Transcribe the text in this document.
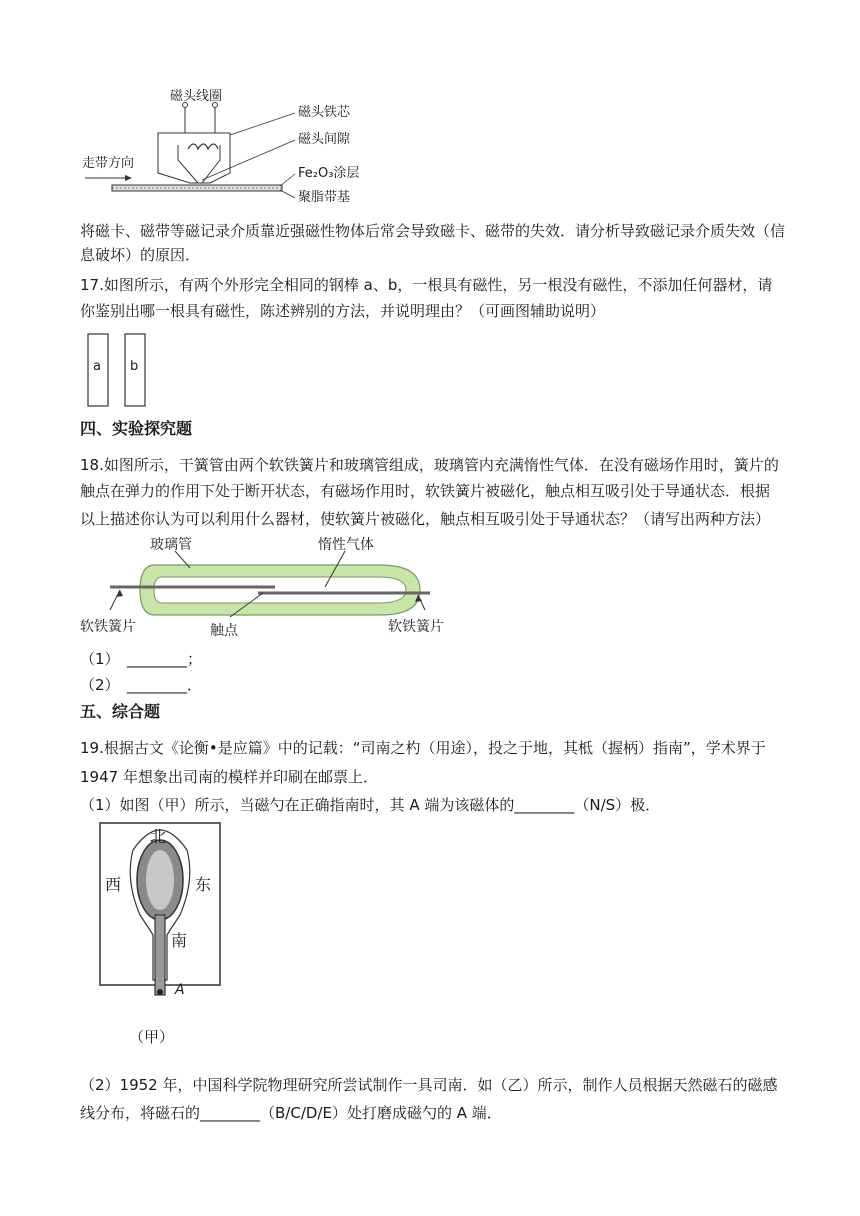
磁头线圈
磁头铁芯
磁头间隙
走带方向
Fe₂O₃涂层
聚脂带基
将磁卡、磁带等磁记录介质靠近强磁性物体后常会导致磁卡、磁带的失效．请分析导致磁记录介质失效（信
息破坏）的原因．
17.如图所示，有两个外形完全相同的钢棒 a、b，一根具有磁性，另一根没有磁性，不添加任何器材，请
你鉴别出哪一根具有磁性，陈述辨别的方法，并说明理由？（可画图辅助说明）
a b
四、实验探究题
18.如图所示，干簧管由两个软铁簧片和玻璃管组成，玻璃管内充满惰性气体．在没有磁场作用时，簧片的
触点在弹力的作用下处于断开状态，有磁场作用时，软铁簧片被磁化，触点相互吸引处于导通状态．根据
以上描述你认为可以利用什么器材，使软簧片被磁化，触点相互吸引处于导通状态？（请写出两种方法）
玻璃管	惰性气体
软铁簧片	触点	软铁簧片
（1）　________；
（2）　________．
五、综合题
19.根据古文《论衡•是应篇》中的记载：“司南之杓（用途），投之于地，其柢（握柄）指南”，学术界于
1947 年想象出司南的模样并印刷在邮票上．
（1）如图（甲）所示，当磁勺在正确指南时，其 A 端为该磁体的________（N/S）极．
北
西	东
南
A
（甲）
（2）1952 年，中国科学院物理研究所尝试制作一具司南．如（乙）所示，制作人员根据天然磁石的磁感
线分布，将磁石的________（B/C/D/E）处打磨成磁勺的 A 端．
